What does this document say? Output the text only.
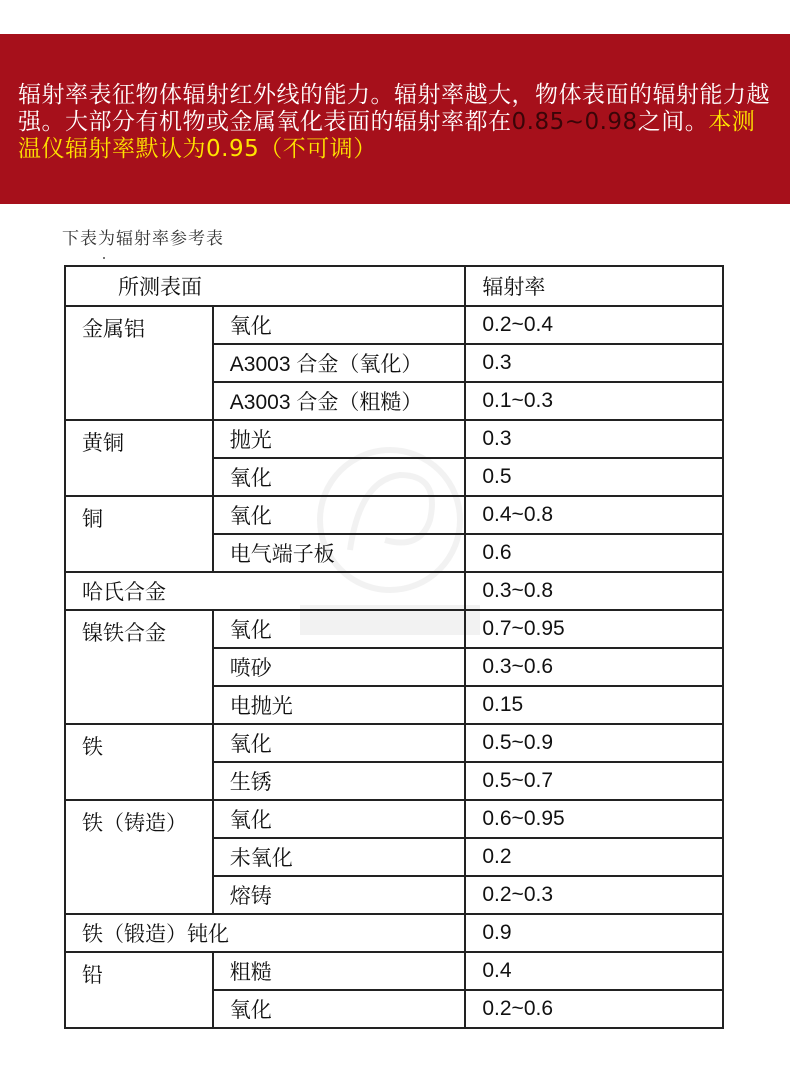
辐射率表征物体辐射红外线的能力。辐射率越大，物体表面的辐射能力越强。大部分有机物或金属氧化表面的辐射率都在0.85~0.98之间。本测温仪辐射率默认为0.95（不可调）
下表为辐射率参考表
所测表面		辐射率
金属铝	氧化	0.2~0.4
	A3003 合金（氧化）	0.3
	A3003 合金（粗糙）	0.1~0.3
黄铜	抛光	0.3
	氧化	0.5
铜	氧化	0.4~0.8
	电气端子板	0.6
哈氏合金		0.3~0.8
镍铁合金	氧化	0.7~0.95
	喷砂	0.3~0.6
	电抛光	0.15
铁	氧化	0.5~0.9
	生锈	0.5~0.7
铁（铸造）	氧化	0.6~0.95
	未氧化	0.2
	熔铸	0.2~0.3
铁（锻造）钝化		0.9
铅	粗糙	0.4
	氧化	0.2~0.6
